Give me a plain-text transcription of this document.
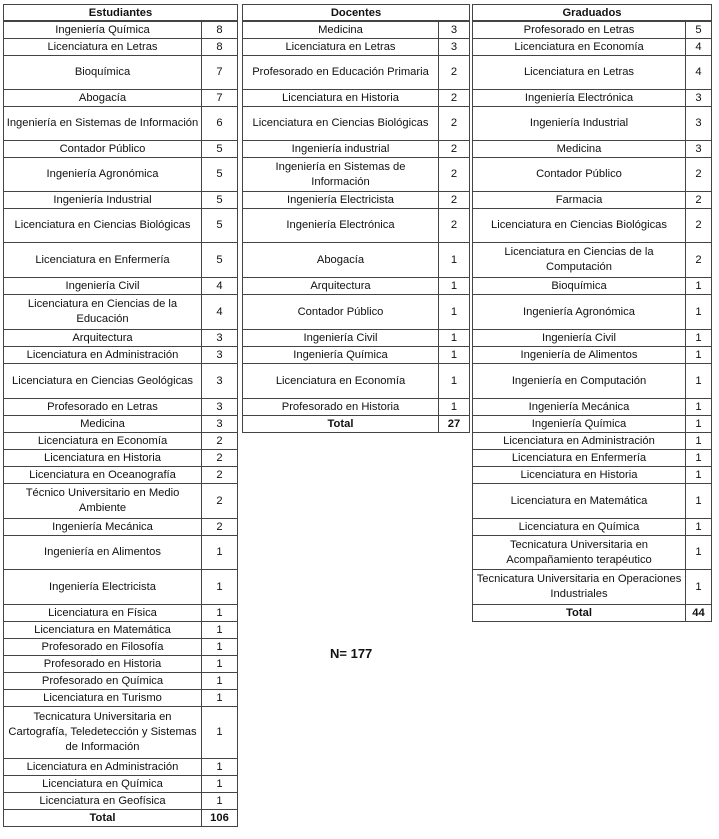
Estudiantes
Ingeniería Química	8
Licenciatura en Letras	8
Bioquímica	7
Abogacía	7
Ingeniería en Sistemas de Información	6
Contador Público	5
Ingeniería Agronómica	5
Ingeniería Industrial	5
Licenciatura en Ciencias Biológicas	5
Licenciatura en Enfermería	5
Ingeniería Civil	4
Licenciatura en Ciencias de la Educación	4
Arquitectura	3
Licenciatura en Administración	3
Licenciatura en Ciencias Geológicas	3
Profesorado en Letras	3
Medicina	3
Licenciatura en Economía	2
Licenciatura en Historia	2
Licenciatura en Oceanografía	2
Técnico Universitario en Medio Ambiente	2
Ingeniería Mecánica	2
Ingeniería en Alimentos	1
Ingeniería Electricista	1
Licenciatura en Física	1
Licenciatura en Matemática	1
Profesorado en Filosofía	1
Profesorado en Historia	1
Profesorado en Química	1
Licenciatura en Turismo	1
Tecnicatura Universitaria en Cartografía, Teledetección y Sistemas de Información	1
Licenciatura en Administración	1
Licenciatura en Química	1
Licenciatura en Geofísica	1
Total	106
Docentes
Medicina	3
Licenciatura en Letras	3
Profesorado en Educación Primaria	2
Licenciatura en Historia	2
Licenciatura en Ciencias Biológicas	2
Ingeniería industrial	2
Ingeniería en Sistemas de Información	2
Ingeniería Electricista	2
Ingeniería Electrónica	2
Abogacía	1
Arquitectura	1
Contador Público	1
Ingeniería Civil	1
Ingeniería Química	1
Licenciatura en Economía	1
Profesorado en Historia	1
Total	27
Graduados
Profesorado en Letras	5
Licenciatura en Economía	4
Licenciatura en Letras	4
Ingeniería Electrónica	3
Ingeniería Industrial	3
Medicina	3
Contador Público	2
Farmacia	2
Licenciatura en Ciencias Biológicas	2
Licenciatura en Ciencias de la Computación	2
Bioquímica	1
Ingeniería Agronómica	1
Ingeniería Civil	1
Ingeniería de Alimentos	1
Ingeniería en Computación	1
Ingeniería Mecánica	1
Ingeniería Química	1
Licenciatura en Administración	1
Licenciatura en Enfermería	1
Licenciatura en Historia	1
Licenciatura en Matemática	1
Licenciatura en Química	1
Tecnicatura Universitaria en Acompañamiento terapéutico	1
Tecnicatura Universitaria en Operaciones Industriales	1
Total	44
N= 177
